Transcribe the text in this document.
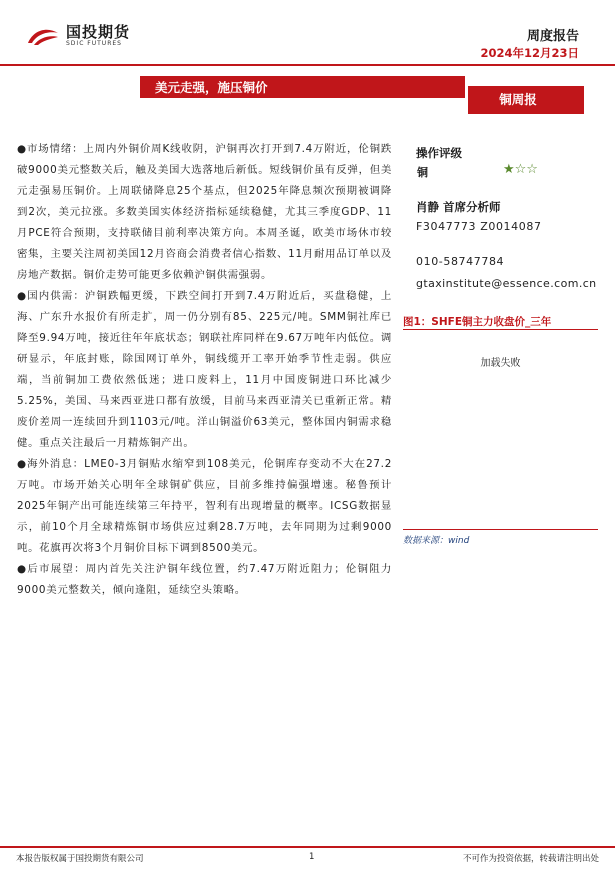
国投期货
SDIC FUTURES	周度报告
2024年12月23日
美元走强，施压铜价
铜周报

●市场情绪：上周内外铜价周K线收阴，沪铜再次打开到7.4万附近，伦铜跌破9000美元整数关后，触及美国大选落地后新低。短线铜价虽有反弹，但美元走强易压铜价。上周联储降息25个基点，但2025年降息频次预期被调降到2次，美元拉涨。多数美国实体经济指标延续稳健，尤其三季度GDP、11月PCE符合预期，支持联储目前利率决策方向。本周圣诞，欧美市场休市较密集，主要关注周初美国12月咨商会消费者信心指数、11月耐用品订单以及房地产数据。铜价走势可能更多依赖沪铜供需强弱。

●国内供需：沪铜跌幅更缓，下跌空间打开到7.4万附近后，买盘稳健，上海、广东升水报价有所走扩，周一仍分别有85、225元/吨。SMM铜社库已降至9.94万吨，接近往年年底状态；钢联社库同样在9.67万吨年内低位。调研显示，年底封账，除国网订单外，铜线缆开工率开始季节性走弱。供应端，当前铜加工费依然低迷；进口废料上，11月中国废铜进口环比减少5.25%，美国、马来西亚进口都有放缓，目前马来西亚清关已重新正常。精废价差周一连续回升到1103元/吨。洋山铜溢价63美元，整体国内铜需求稳健。重点关注最后一月精炼铜产出。

●海外消息：LME0-3月铜贴水缩窄到108美元，伦铜库存变动不大在27.2万吨。市场开始关心明年全球铜矿供应，目前多维持偏强增速。秘鲁预计2025年铜产出可能连续第三年持平，智利有出现增量的概率。ICSG数据显示，前10个月全球精炼铜市场供应过剩28.7万吨，去年同期为过剩9000吨。花旗再次将3个月铜价目标下调到8500美元。

●后市展望：周内首先关注沪铜年线位置，约7.47万附近阻力；伦铜阻力9000美元整数关，倾向逢阻，延续空头策略。

操作评级
铜	★☆☆
肖静 首席分析师
F3047773 Z0014087
010-58747784
gtaxinstitute@essence.com.cn
图1：SHFE铜主力收盘价_三年
加载失败
数据来源：wind
本报告版权属于国投期货有限公司	1	不可作为投资依据，转载请注明出处
